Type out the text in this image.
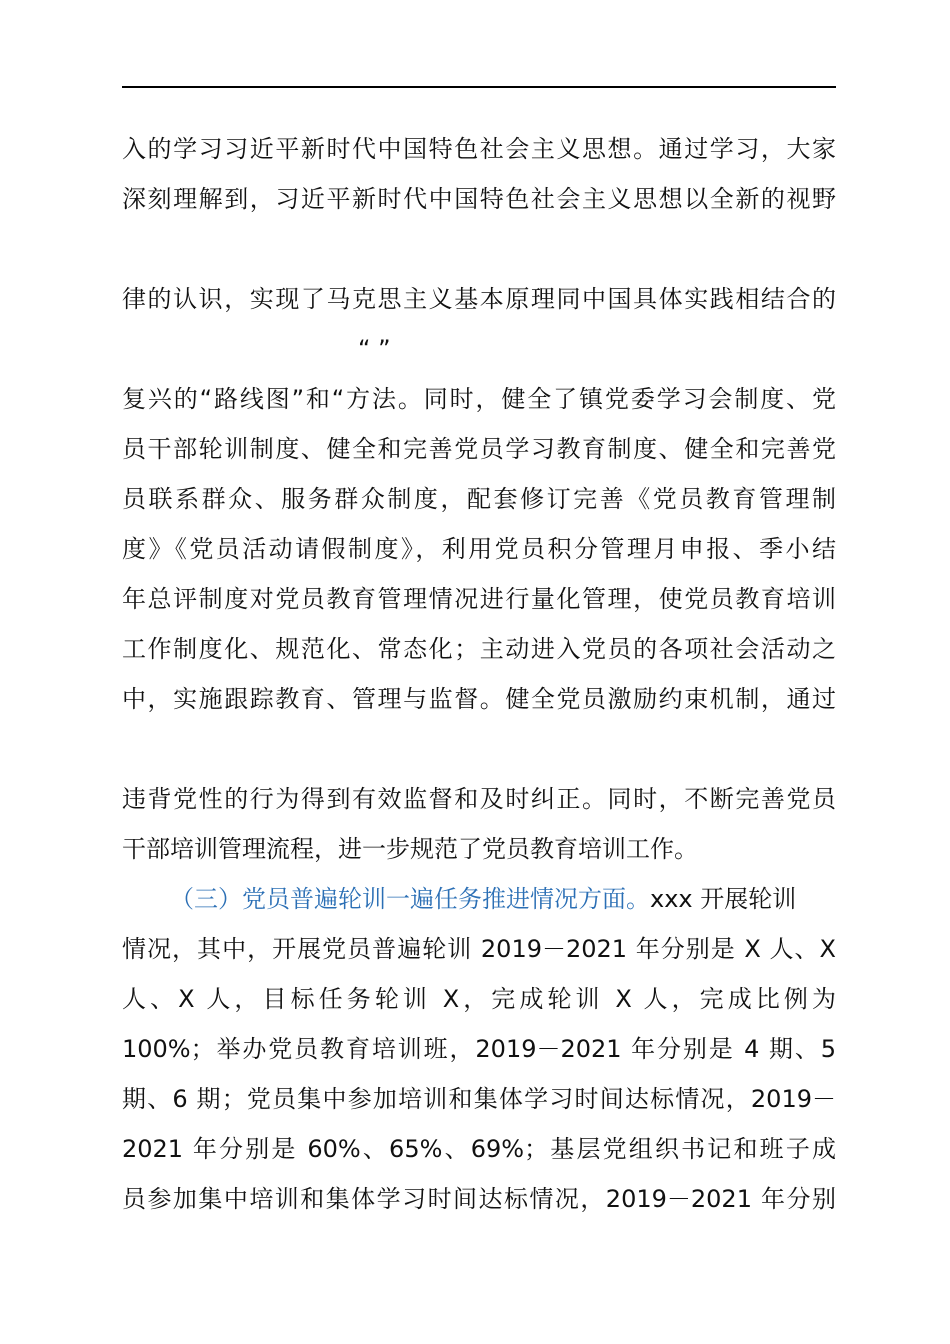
入的学习习近平新时代中国特色社会主义思想。通过学习，大家
深刻理解到，习近平新时代中国特色社会主义思想以全新的视野
律的认识，实现了马克思主义基本原理同中国具体实践相结合的
“ ”
复兴的“路线图”和“方法。同时，健全了镇党委学习会制度、党
员干部轮训制度、健全和完善党员学习教育制度、健全和完善党
员联系群众、服务群众制度，配套修订完善《党员教育管理制
度》《党员活动请假制度》，利用党员积分管理月申报、季小结
年总评制度对党员教育管理情况进行量化管理，使党员教育培训
工作制度化、规范化、常态化；主动进入党员的各项社会活动之
中，实施跟踪教育、管理与监督。健全党员激励约束机制，通过
违背党性的行为得到有效监督和及时纠正。同时，不断完善党员
干部培训管理流程，进一步规范了党员教育培训工作。
（三）党员普遍轮训一遍任务推进情况方面。xxx 开展轮训
情况，其中，开展党员普遍轮训 2019－2021 年分别是 X 人、X
人、X 人，目标任务轮训 X，完成轮训 X 人，完成比例为
100%；举办党员教育培训班，2019－2021 年分别是 4 期、5
期、6 期；党员集中参加培训和集体学习时间达标情况，2019－
2021 年分别是 60%、65%、69%；基层党组织书记和班子成
员参加集中培训和集体学习时间达标情况，2019－2021 年分别
